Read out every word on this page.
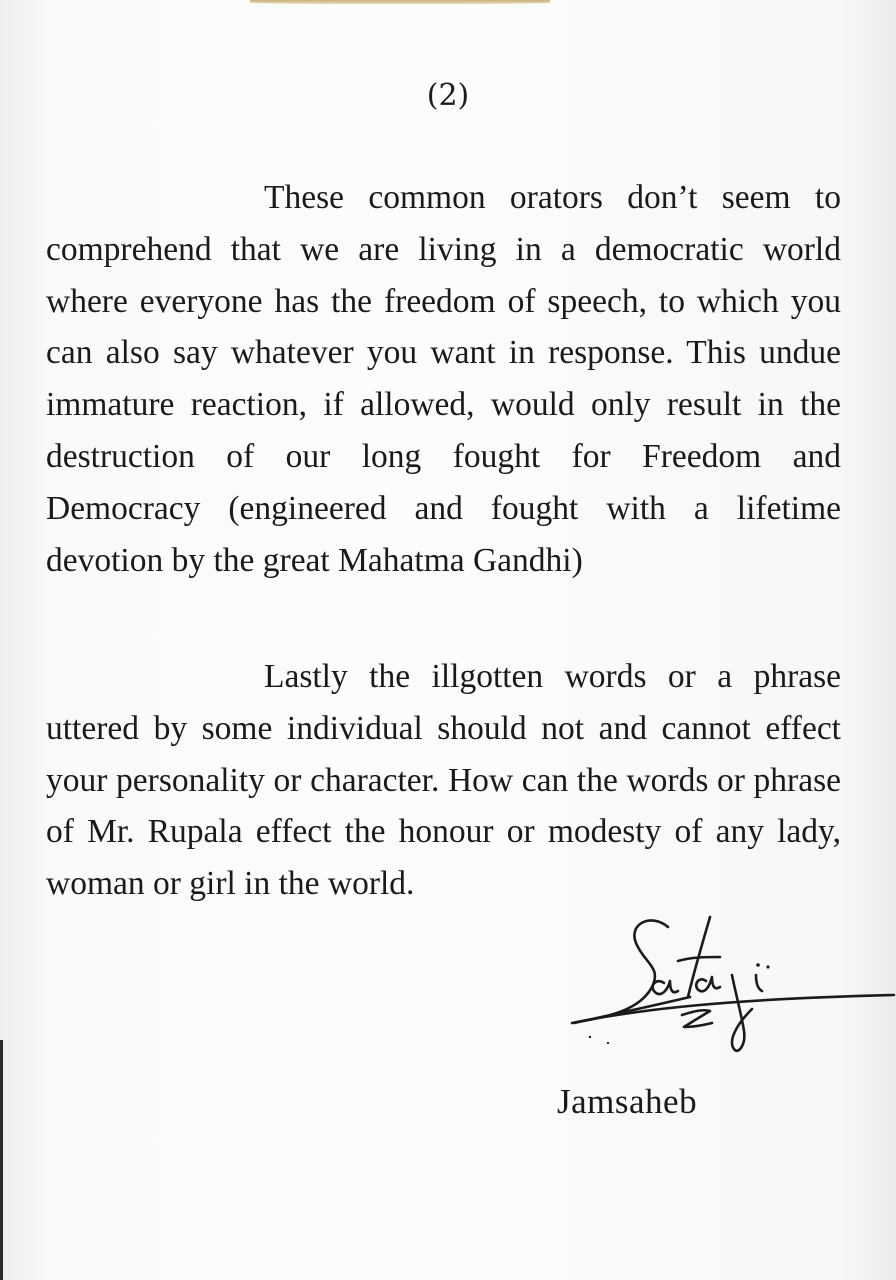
(2)

These common orators don’t seem to comprehend that we are living in a democratic world where everyone has the freedom of speech, to which you can also say whatever you want in response. This undue immature reaction, if allowed, would only result in the destruction of our long fought for Freedom and Democracy (engineered and fought with a lifetime devotion by the great Mahatma Gandhi)

Lastly the illgotten words or a phrase uttered by some individual should not and cannot effect your personality or character. How can the words or phrase of Mr. Rupala effect the honour or modesty of any lady, woman or girl in the world.

Jamsaheb
